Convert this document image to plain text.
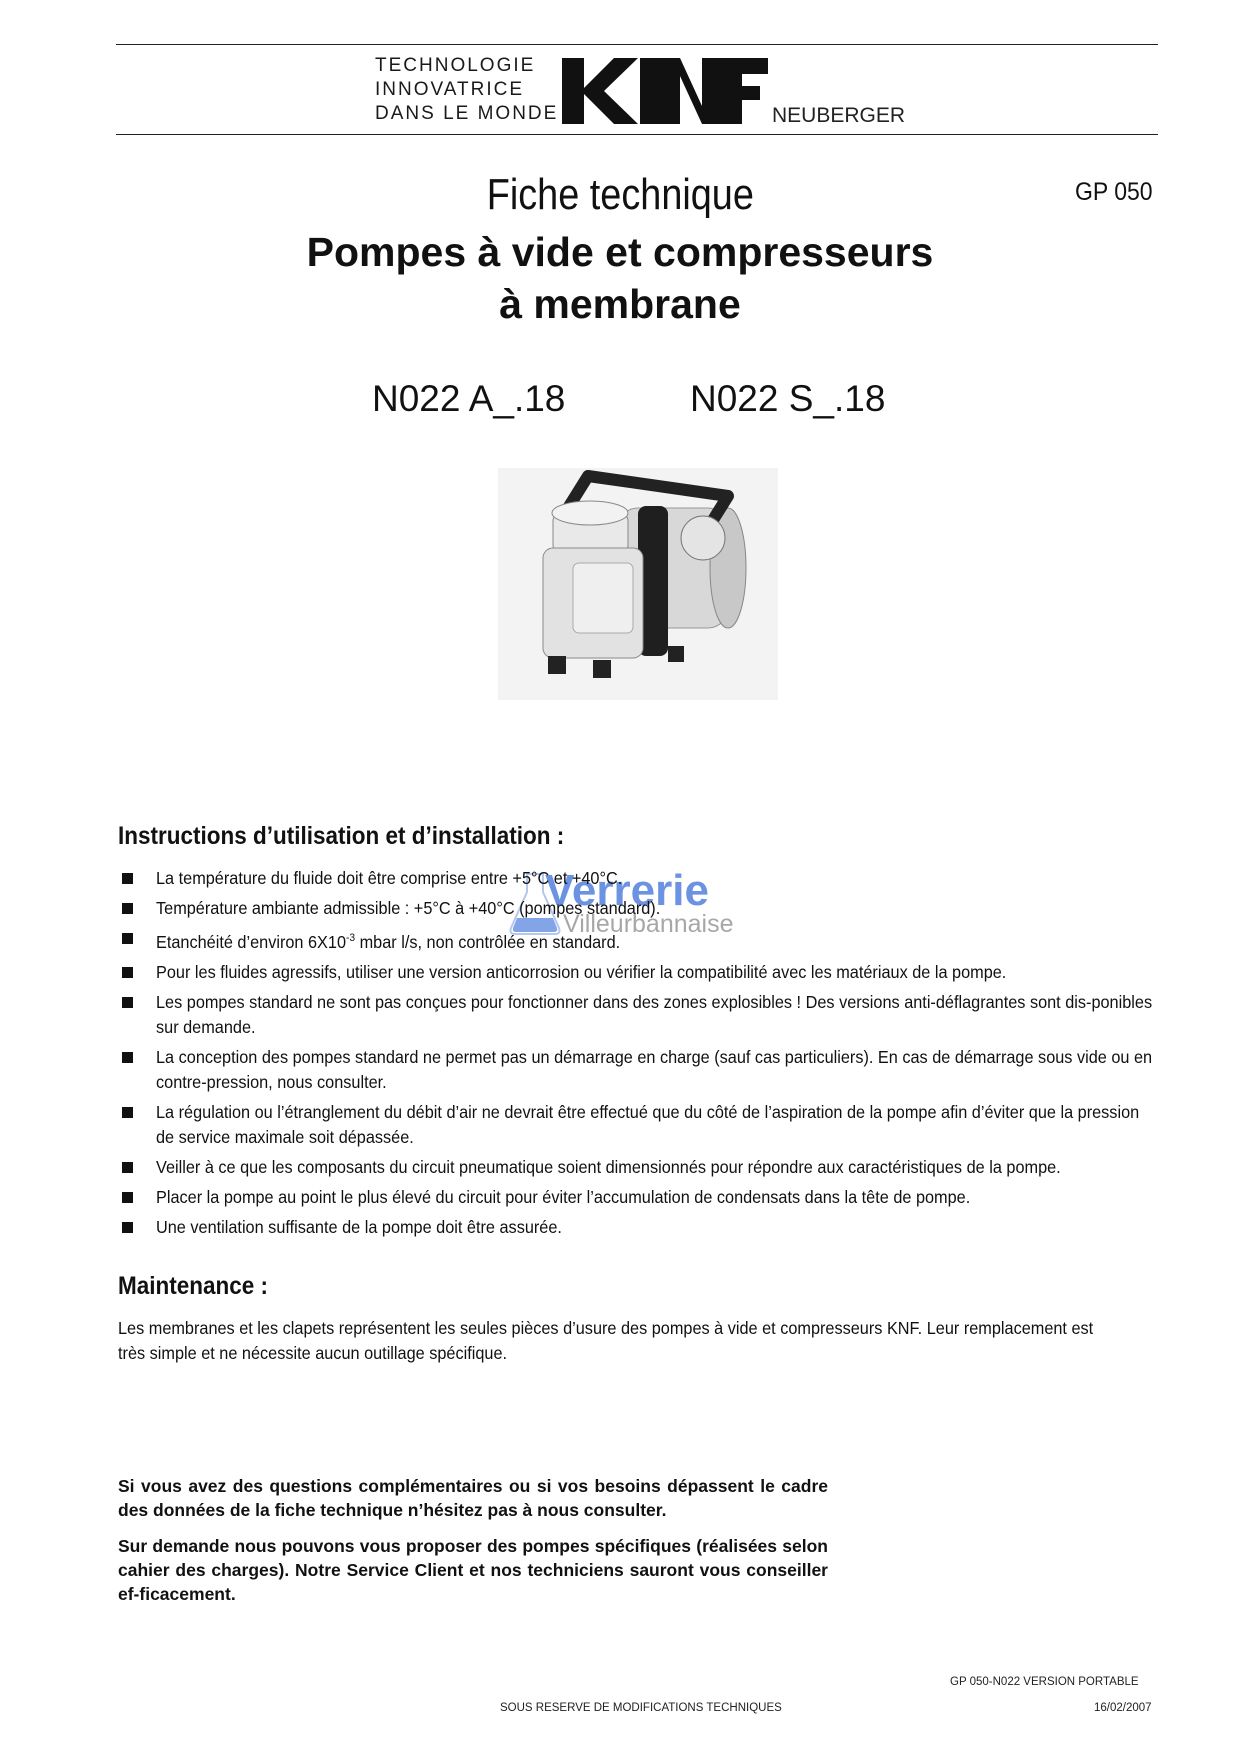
TECHNOLOGIE
INNOVATRICE
DANS LE MONDE	NEUBERGER
GP 050
Fiche technique
Pompes à vide et compresseurs
à membrane
N022 A_.18	N022 S_.18
Verrerie
Villeurbannaise
Instructions d’utilisation et d’installation :
La température du fluide doit être comprise entre +5°C et +40°C.
Température ambiante admissible : +5°C à +40°C (pompes standard).
Etanchéité d’environ $6X10^{-3}$ mbar l/s, non contrôlée en standard.
Pour les fluides agressifs, utiliser une version anticorrosion ou vérifier la compatibilité avec les matériaux de la pompe.
Les pompes standard ne sont pas conçues pour fonctionner dans des zones explosibles ! Des versions anti-déflagrantes sont dis-ponibles sur demande.
La conception des pompes standard ne permet pas un démarrage en charge (sauf cas particuliers). En cas de démarrage sous vide ou en contre-pression, nous consulter.
La régulation ou l’étranglement du débit d’air ne devrait être effectué que du côté de l’aspiration de la pompe afin d’éviter que la pression de service maximale soit dépassée.
Veiller à ce que les composants du circuit pneumatique soient dimensionnés pour répondre aux caractéristiques de la pompe.
Placer la pompe au point le plus élevé du circuit pour éviter l’accumulation de condensats dans la tête de pompe.
Une ventilation suffisante de la pompe doit être assurée.
Maintenance :
Les membranes et les clapets représentent les seules pièces d’usure des pompes à vide et compresseurs KNF. Leur remplacement est
très simple et ne nécessite aucun outillage spécifique.
Si vous avez des questions complémentaires ou si vos besoins dépassent le cadre des données de la fiche technique n’hésitez pas à nous consulter.
Sur demande nous pouvons vous proposer des pompes spécifiques (réalisées selon cahier des charges). Notre Service Client et nos techniciens sauront vous conseiller ef-ficacement.
GP 050-N022 VERSION PORTABLE
SOUS RESERVE DE MODIFICATIONS TECHNIQUES	16/02/2007
